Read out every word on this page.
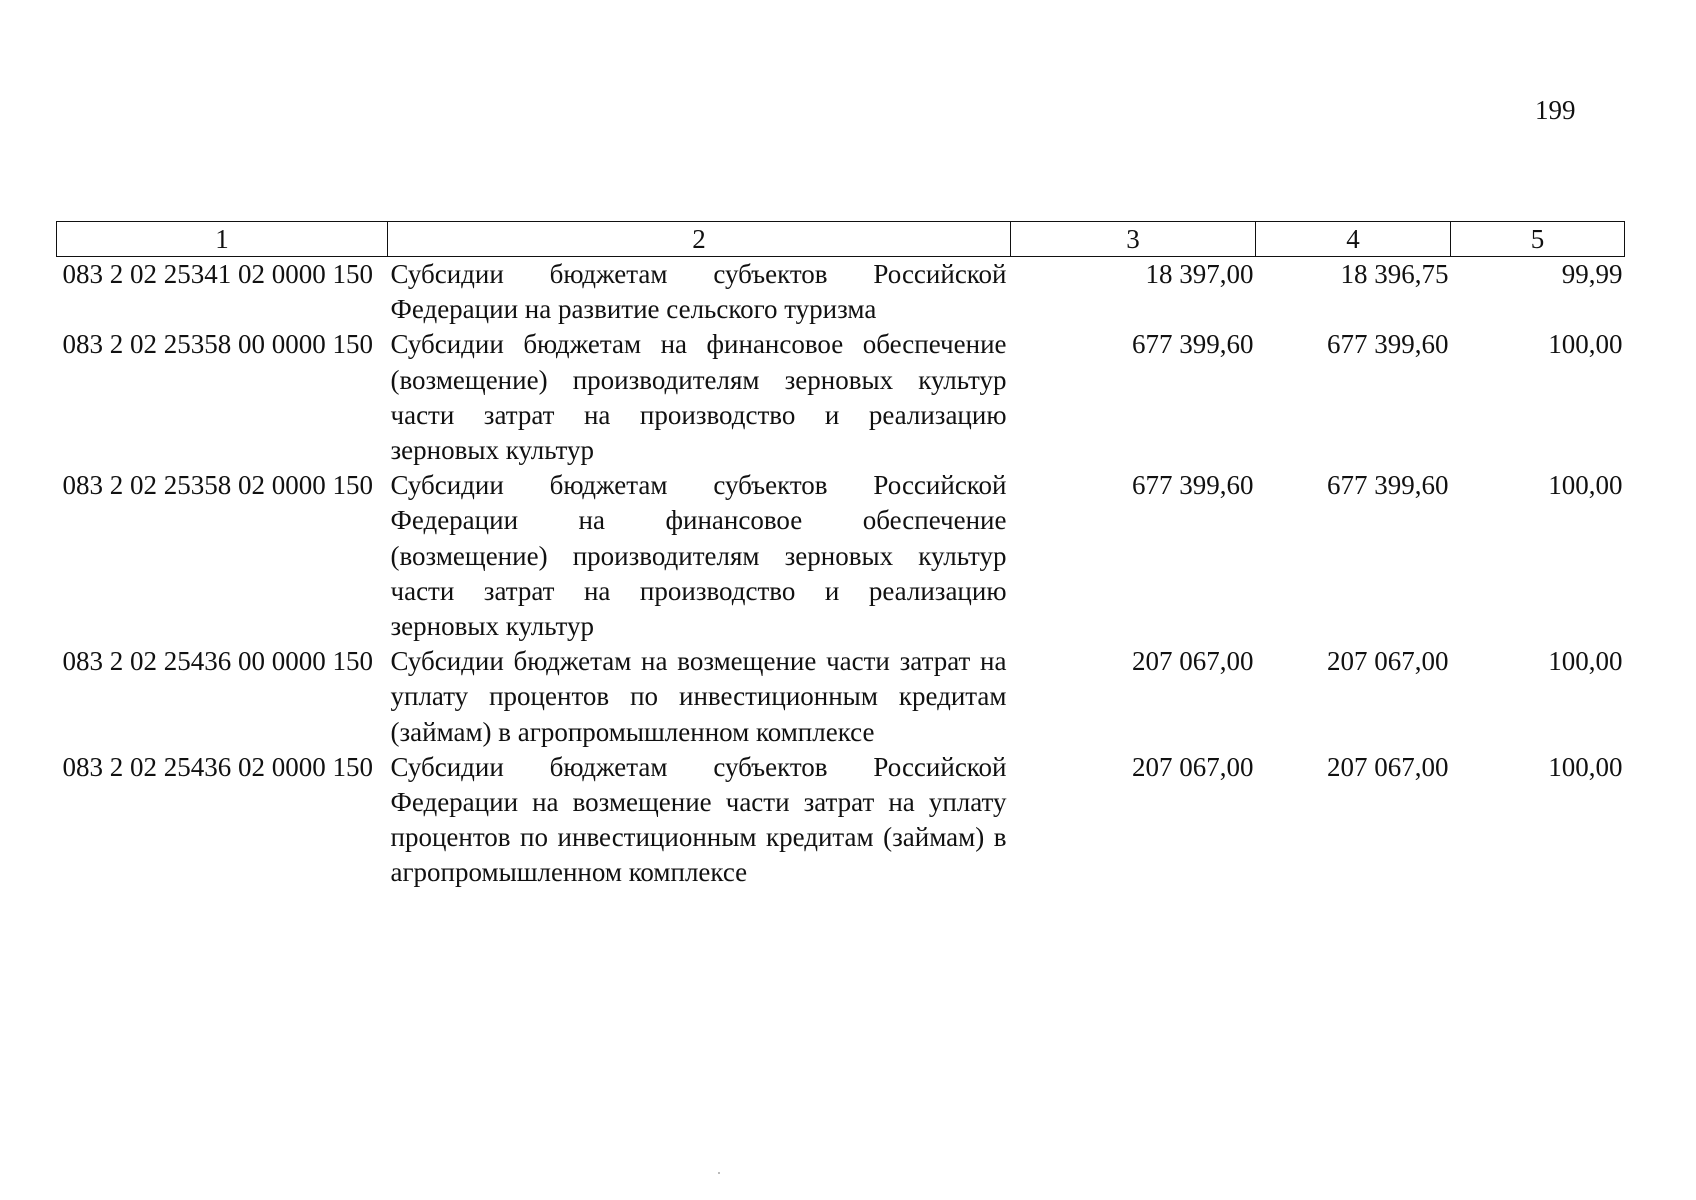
199
1	2	3	4	5
083 2 02 25341 02 0000 150	Субсидии бюджетам субъектов Российской Федерации на развитие сельского туризма	18 397,00	18 396,75	99,99
083 2 02 25358 00 0000 150	Субсидии бюджетам на финансовое обеспечение (возмещение) производителям зерновых культур части затрат на производство и реализацию зерновых культур	677 399,60	677 399,60	100,00
083 2 02 25358 02 0000 150	Субсидии бюджетам субъектов Российской Федерации на финансовое обеспечение (возмещение) производителям зерновых культур части затрат на производство и реализацию зерновых культур	677 399,60	677 399,60	100,00
083 2 02 25436 00 0000 150	Субсидии бюджетам на возмещение части затрат на уплату процентов по инвестиционным кредитам (займам) в агропромышленном комплексе	207 067,00	207 067,00	100,00
083 2 02 25436 02 0000 150	Субсидии бюджетам субъектов Российской Федерации на возмещение части затрат на уплату процентов по инвестиционным кредитам (займам) в агропромышленном комплексе	207 067,00	207 067,00	100,00
